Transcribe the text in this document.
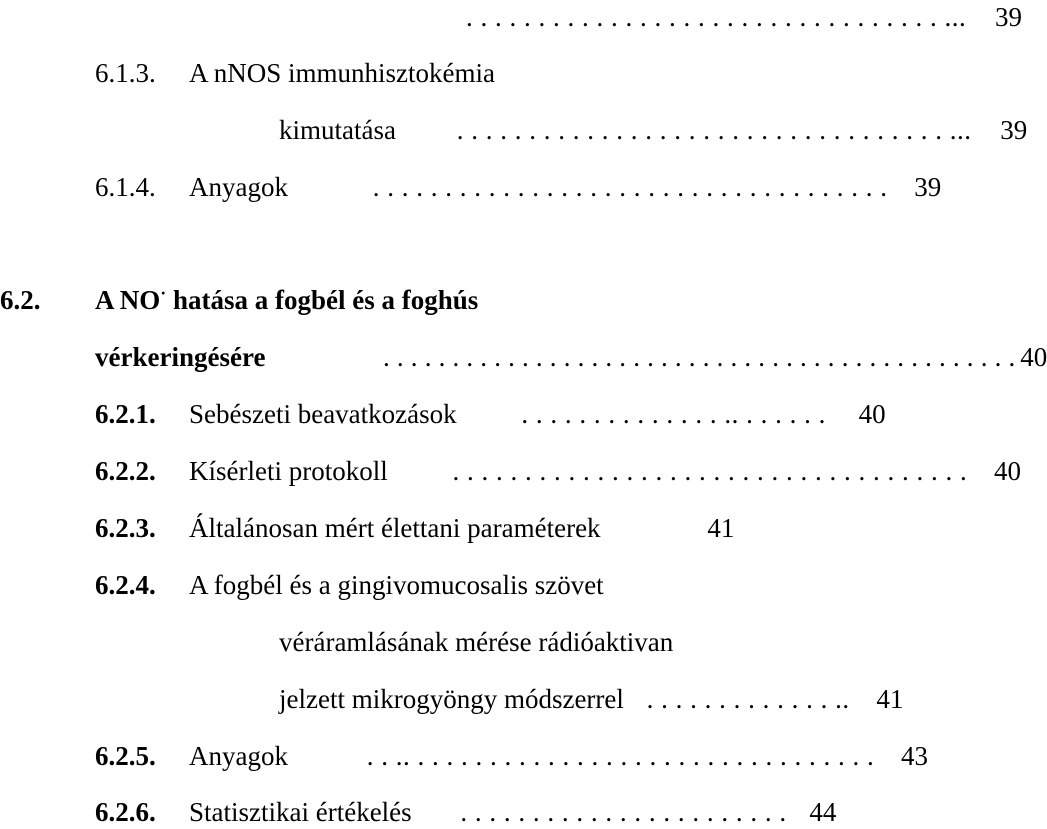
. . . . . . . . . . . . . . . . . . . . . . . . . . . . . . . . . ... 39
6.1.3. A nNOS immunhisztokémia
kimutatása . . . . . . . . . . . . . . . . . . . . . . . . . . . . . . . . . . ... 39
6.1.4. Anyagok	. . . . . . . . . . . . . . . . . . . . . . . . . . . . . . . . . . . . 39
6.2. A NO· hatása a fogbél és a foghús
vérkeringésére	. . . . . . . . . . . . . . . . . . . . . . . . . . . . . . . . . . . . . . . . . . . . . . 40
6.2.1. Sebészeti beavatkozások . . . . . . . . . . . . . . .. . . . . . . 40
6.2.2. Kísérleti protokoll . . . . . . . . . . . . . . . . . . . . . . . . . . . . . . . . . . . . 40
6.2.3. Általánosan mért élettani paraméterek	41
6.2.4. A fogbél és a gingivomucosalis szövet
véráramlásának mérése rádióaktivan
jelzett mikrogyöngy módszerrel . . . . . . . . . . . . . .. 41
6.2.5. Anyagok	. . .. . . . . . . . . . . . . . . . . . . . . . . . . . . . . . . . . 43
6.2.6. Statisztikai értékelés . . . . . . . . . . . . . . . . . . . . . . . 44
